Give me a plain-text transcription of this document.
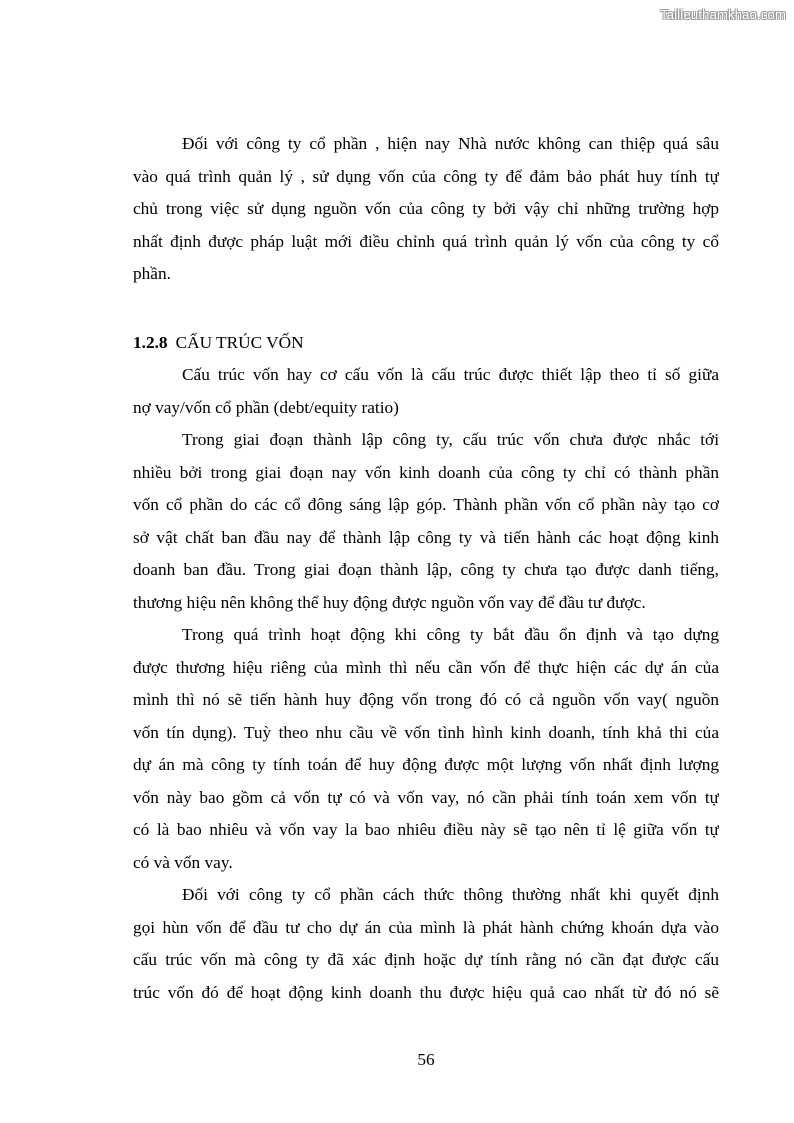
Tailieuthamkhao.com
Đối với công ty cổ phần , hiện nay Nhà nước không can thiệp quá sâu
vào quá trình quản lý , sử dụng vốn của công ty để đảm bảo phát huy tính tự
chủ trong việc sử dụng nguồn vốn của công ty bởi vậy chỉ những trường hợp
nhất định được pháp luật mới điều chỉnh quá trình quản lý vốn của công ty cổ
phần.
1.2.8 CẤU TRÚC VỐN
Cấu trúc vốn hay cơ cấu vốn là cấu trúc được thiết lập theo tỉ số giữa
nợ vay/vốn cổ phần (debt/equity ratio)
Trong giai đoạn thành lập công ty, cấu trúc vốn chưa được nhắc tới
nhiều bởi trong giai đoạn nay vốn kinh doanh của công ty chỉ có thành phần
vốn cổ phần do các cổ đông sáng lập góp. Thành phần vốn cổ phần này tạo cơ
sở vật chất ban đầu nay để thành lập công ty và tiến hành các hoạt động kinh
doanh ban đầu. Trong giai đoạn thành lập, công ty chưa tạo được danh tiếng,
thương hiệu nên không thể huy động được nguồn vốn vay để đầu tư được.
Trong quá trình hoạt động khi công ty bắt đầu ổn định và tạo dựng
được thương hiệu riêng của mình thì nếu cần vốn để thực hiện các dự án của
mình thì nó sẽ tiến hành huy động vốn trong đó có cả nguồn vốn vay( nguồn
vốn tín dụng). Tuỳ theo nhu cầu về vốn tình hình kinh doanh, tính khả thi của
dự án mà công ty tính toán để huy động được một lượng vốn nhất định lượng
vốn này bao gồm cả vốn tự có và vốn vay, nó cần phải tính toán xem vốn tự
có là bao nhiêu và vốn vay la bao nhiêu điều này sẽ tạo nên tỉ lệ giữa vốn tự
có và vốn vay.
Đối với công ty cổ phần cách thức thông thường nhất khi quyết định
gọi hùn vốn để đầu tư cho dự án của mình là phát hành chứng khoán dựa vào
cấu trúc vốn mà công ty đã xác định hoặc dự tính rằng nó cần đạt được cấu
trúc vốn đó để hoạt động kinh doanh thu được hiệu quả cao nhất từ đó nó sẽ
56
